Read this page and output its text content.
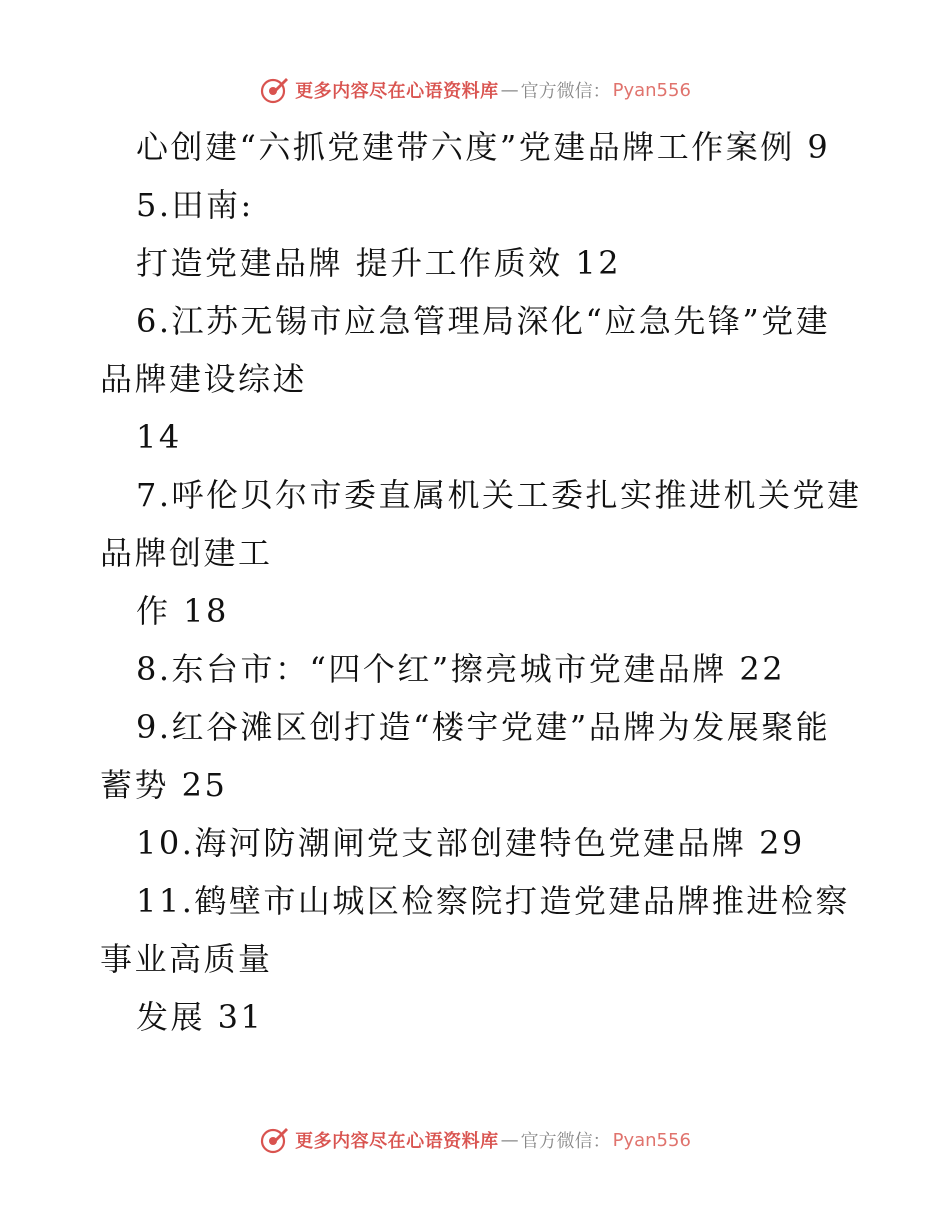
更多内容尽在心语资料库 — 官方微信： Pyan556
心创建“六抓党建带六度”党建品牌工作案例 9
5.田南:
打造党建品牌 提升工作质效 12
6.江苏无锡市应急管理局深化“应急先锋”党建
品牌建设综述
14
7.呼伦贝尔市委直属机关工委扎实推进机关党建
品牌创建工
作 18
8.东台市：“四个红”擦亮城市党建品牌 22
9.红谷滩区创打造“楼宇党建”品牌为发展聚能
蓄势 25
10.海河防潮闸党支部创建特色党建品牌 29
11.鹤壁市山城区检察院打造党建品牌推进检察
事业高质量
发展 31
更多内容尽在心语资料库 — 官方微信： Pyan556
